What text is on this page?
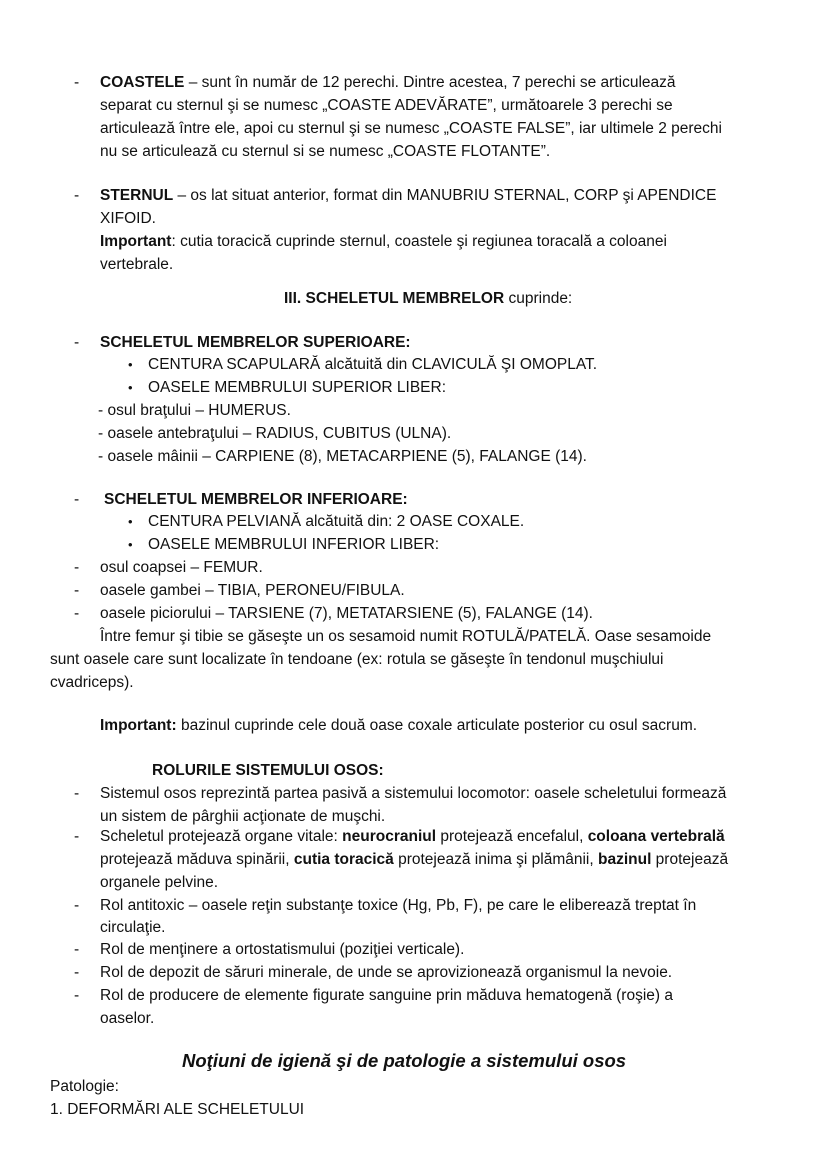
- COASTELE – sunt în număr de 12 perechi. Dintre acestea, 7 perechi se articulează
separat cu sternul şi se numesc „COASTE ADEVĂRATE”, următoarele 3 perechi se
articulează între ele, apoi cu sternul şi se numesc „COASTE FALSE”, iar ultimele 2 perechi
nu se articulează cu sternul si se numesc „COASTE FLOTANTE”.
- STERNUL – os lat situat anterior, format din MANUBRIU STERNAL, CORP şi APENDICE
XIFOID.
Important: cutia toracică cuprinde sternul, coastele şi regiunea toracală a coloanei
vertebrale.
III. SCHELETUL MEMBRELOR cuprinde:
- SCHELETUL MEMBRELOR SUPERIOARE:
• CENTURA SCAPULARĂ alcătuită din CLAVICULĂ ŞI OMOPLAT.
• OASELE MEMBRULUI SUPERIOR LIBER:
- osul braţului – HUMERUS.
- oasele antebraţului – RADIUS, CUBITUS (ULNA).
- oasele mâinii – CARPIENE (8), METACARPIENE (5), FALANGE (14).
- SCHELETUL MEMBRELOR INFERIOARE:
• CENTURA PELVIANĂ alcătuită din: 2 OASE COXALE.
• OASELE MEMBRULUI INFERIOR LIBER:
- osul coapsei – FEMUR.
- oasele gambei – TIBIA, PERONEU/FIBULA.
- oasele piciorului – TARSIENE (7), METATARSIENE (5), FALANGE (14).
Între femur şi tibie se găseşte un os sesamoid numit ROTULĂ/PATELĂ. Oase sesamoide
sunt oasele care sunt localizate în tendoane (ex: rotula se găseşte în tendonul muşchiului
cvadriceps).
Important: bazinul cuprinde cele două oase coxale articulate posterior cu osul sacrum.
ROLURILE SISTEMULUI OSOS:
- Sistemul osos reprezintă partea pasivă a sistemului locomotor: oasele scheletului formează
un sistem de pârghii acţionate de muşchi.
- Scheletul protejează organe vitale: neurocraniul protejează encefalul, coloana vertebrală
protejează măduva spinării, cutia toracică protejează inima şi plămânii, bazinul protejează
organele pelvine.
- Rol antitoxic – oasele reţin substanţe toxice (Hg, Pb, F), pe care le eliberează treptat în
circulaţie.
- Rol de menţinere a ortostatismului (poziţiei verticale).
- Rol de depozit de săruri minerale, de unde se aprovizionează organismul la nevoie.
- Rol de producere de elemente figurate sanguine prin măduva hematogenă (roşie) a
oaselor.
Noţiuni de igienă şi de patologie a sistemului osos
Patologie:
1. DEFORMĂRI ALE SCHELETULUI
